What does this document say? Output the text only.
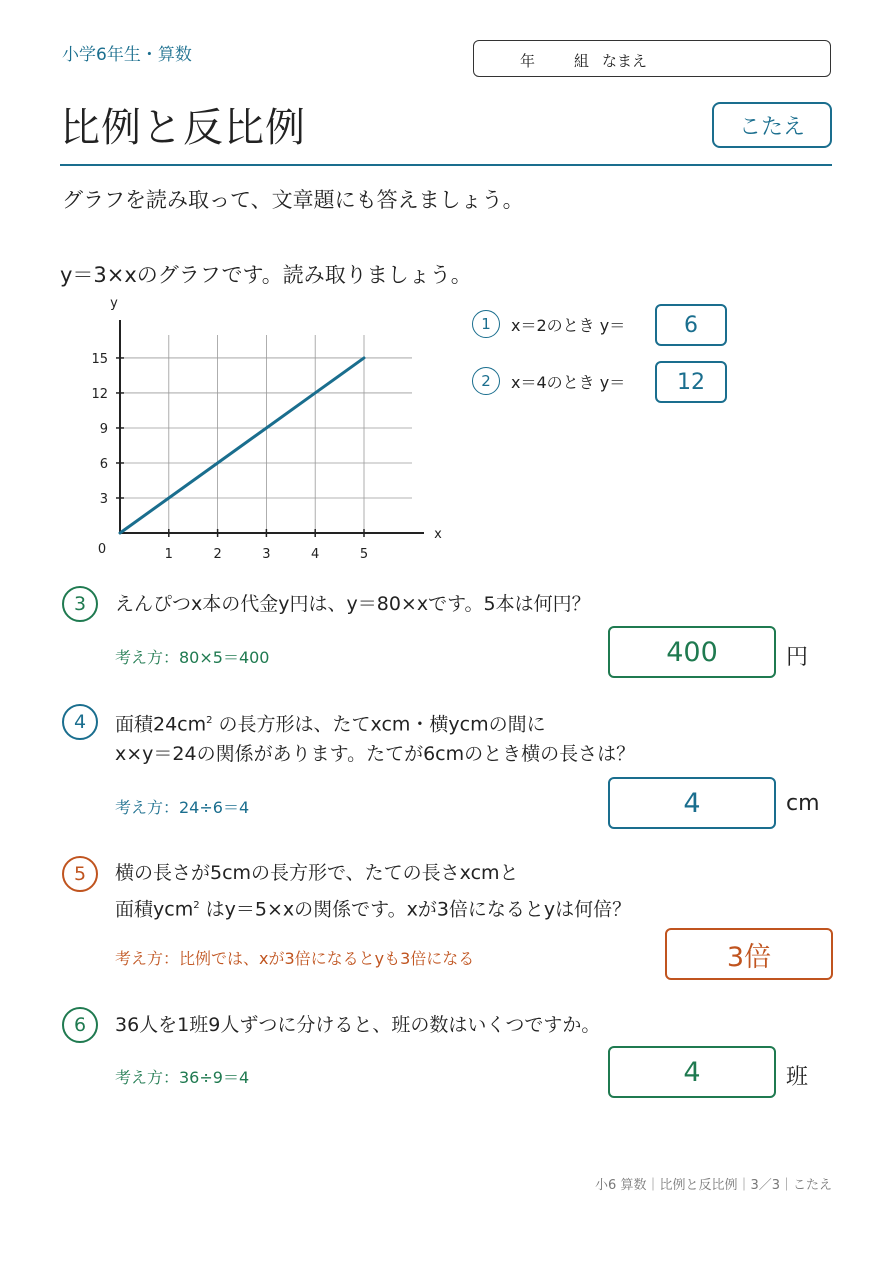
小学6年生・算数	年	組 なまえ
比例と反比例	こたえ
グラフを読み取って、文章題にも答えましょう。
y＝3×xのグラフです。読み取りましょう。
1	2	3	4	5
3
6
9
12
15
0
x
y
1	x＝2のとき y＝	6
2	x＝4のとき y＝	12
3	えんぴつx本の代金y円は、y＝80×xです。5本は何円？
考え方：80×5＝400	400	円
4	面積$24cm^2$ の長方形は、たてxcm・横ycmの間に
x×y＝24の関係があります。たてが6cmのとき横の長さは？
考え方：24÷6＝4	4	cm
5	横の長さが5cmの長方形で、たての長さxcmと
面積ycm$^2$ はy＝5×xの関係です。xが3倍になるとyは何倍？
考え方：比例では、xが3倍になるとyも3倍になる	3倍
6	36人を1班9人ずつに分けると、班の数はいくつですか。
考え方：36÷9＝4	4	班
小6 算数｜比例と反比例｜3／3｜こたえ
